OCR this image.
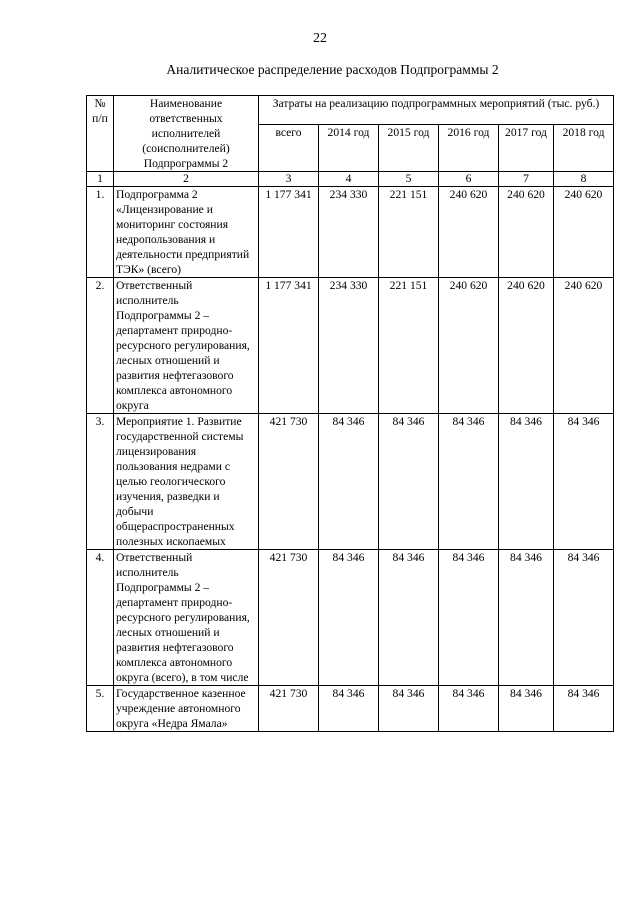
22
Аналитическое распределение расходов Подпрограммы 2
№ п/п	Наименование ответственных исполнителей (соисполнителей) Подпрограммы 2	Затраты на реализацию подпрограммных мероприятий (тыс. руб.)					
		всего	2014 год	2015 год	2016 год	2017 год	2018 год
1	2	3	4	5	6	7	8
1.	Подпрограмма 2 «Лицензирование и мониторинг состояния недропользования и деятельности предприятий ТЭК» (всего)	1 177 341	234 330	221 151	240 620	240 620	240 620
2.	Ответственный исполнитель Подпрограммы 2 – департамент природно-ресурсного регулирования, лесных отношений и развития нефтегазового комплекса автономного округа	1 177 341	234 330	221 151	240 620	240 620	240 620
3.	Мероприятие 1. Развитие государственной системы лицензирования пользования недрами с целью геологического изучения, разведки и добычи общераспространенных полезных ископаемых	421 730	84 346	84 346	84 346	84 346	84 346
4.	Ответственный исполнитель Подпрограммы 2 – департамент природно-ресурсного регулирования, лесных отношений и развития нефтегазового комплекса автономного округа (всего), в том числе	421 730	84 346	84 346	84 346	84 346	84 346
5.	Государственное казенное учреждение автономного округа «Недра Ямала»	421 730	84 346	84 346	84 346	84 346	84 346
